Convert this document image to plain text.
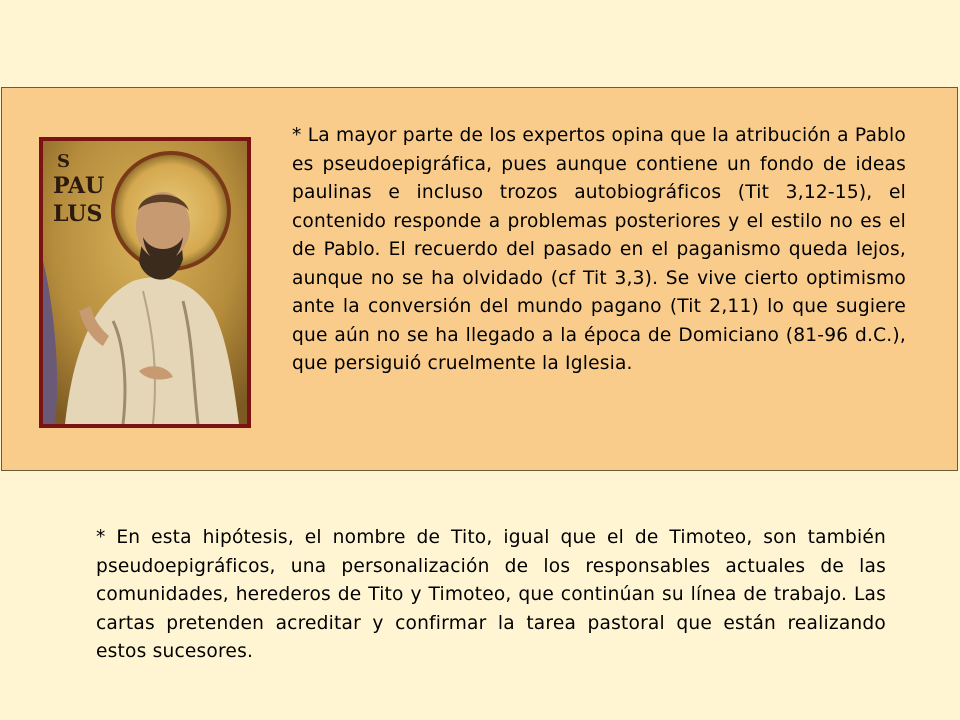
S
PAU
LUS

* La mayor parte de los expertos opina que la atribución a Pablo es pseudoepigráfica, pues aunque contiene un fondo de ideas paulinas e incluso trozos autobiográficos (Tit 3,12-15), el contenido responde a problemas posteriores y el estilo no es el de Pablo. El recuerdo del pasado en el paganismo queda lejos, aunque no se ha olvidado (cf Tit 3,3). Se vive cierto optimismo ante la conversión del mundo pagano (Tit 2,11) lo que sugiere que aún no se ha llegado a la época de Domiciano (81-96 d.C.), que persiguió cruelmente la Iglesia.

* En esta hipótesis, el nombre de Tito, igual que el de Timoteo, son también pseudoepigráficos, una personalización de los responsables actuales de las comunidades, herederos de Tito y Timoteo, que continúan su línea de trabajo. Las cartas pretenden acreditar y confirmar la tarea pastoral que están realizando estos sucesores.
